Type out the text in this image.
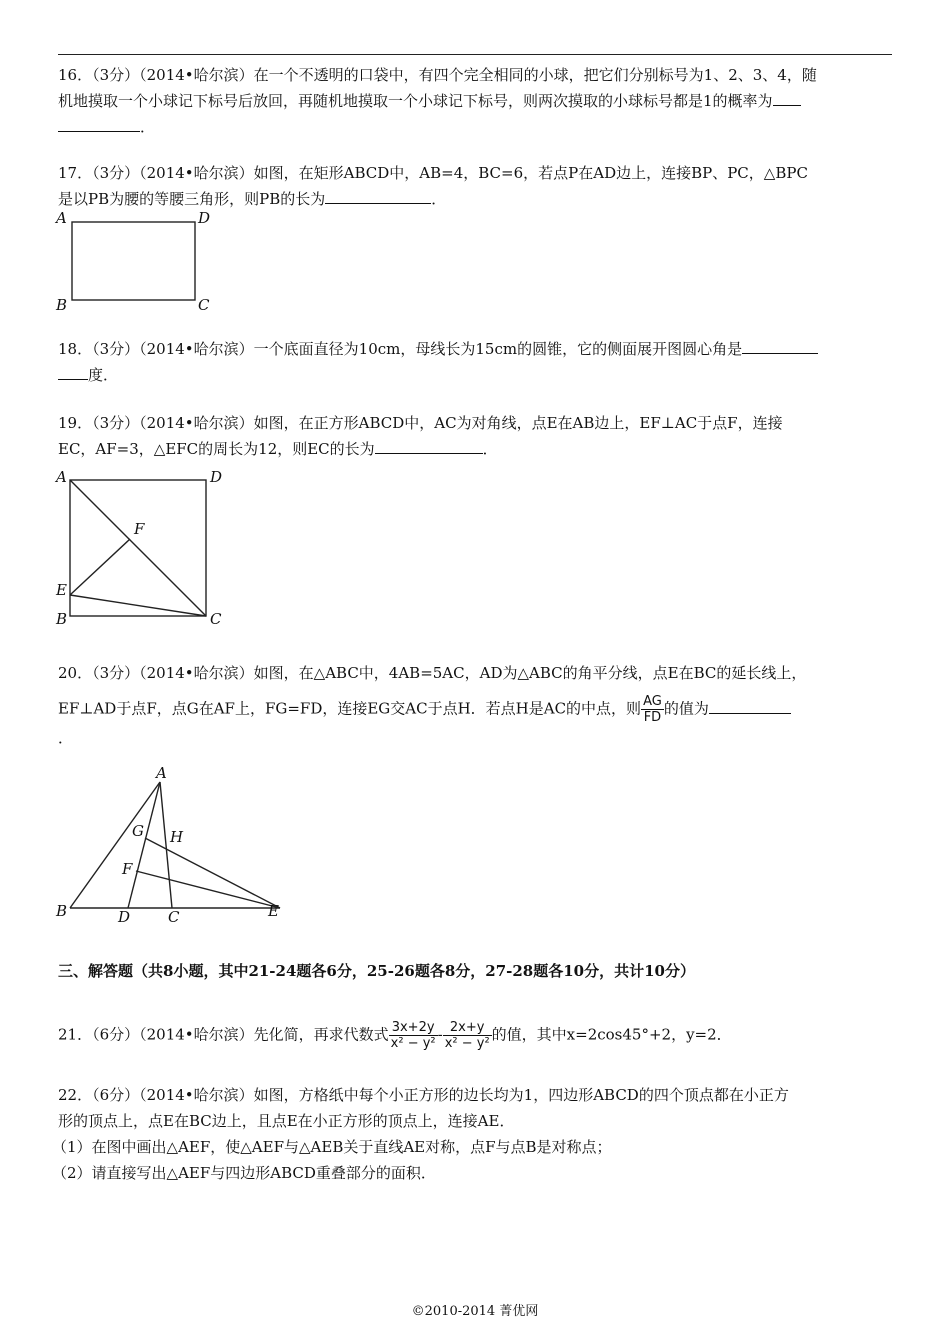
16．（3分）（2014•哈尔滨）在一个不透明的口袋中，有四个完全相同的小球，把它们分别标号为1、2、3、4，随
机地摸取一个小球记下标号后放回，再随机地摸取一个小球记下标号，则两次摸取的小球标号都是1的概率为
．
17．（3分）（2014•哈尔滨）如图，在矩形ABCD中，AB=4，BC=6，若点P在AD边上，连接BP、PC，△BPC
是以PB为腰的等腰三角形，则PB的长为	．
A	D
B	C
18．（3分）（2014•哈尔滨）一个底面直径为10cm，母线长为15cm的圆锥，它的侧面展开图圆心角是
度．
19．（3分）（2014•哈尔滨）如图，在正方形ABCD中，AC为对角线，点E在AB边上，EF⊥AC于点F，连接
EC，AF=3，△EFC的周长为12，则EC的长为	．
A	D
F
E
B	C
20．（3分）（2014•哈尔滨）如图，在△ABC中，4AB=5AC，AD为△ABC的角平分线，点E在BC的延长线上，
EF⊥AD于点F，点G在AF上，FG=FD，连接EG交AC于点H．若点H是AC的中点，则 $\frac{AG}{FD}$ 的值为
．
A
G H
F
B	D	C	E
三、解答题（共8小题，其中21-24题各6分，25-26题各8分，27-28题各10分，共计10分）
21．（6分）（2014•哈尔滨）先化简，再求代数式 $\frac{3x+2y}{\text{x² − y²}} - \frac{2x+y}{\text{x² − y²}}$ 的值，其中x=2cos45°+2，y=2．
22．（6分）（2014•哈尔滨）如图，方格纸中每个小正方形的边长均为1，四边形ABCD的四个顶点都在小正方
形的顶点上，点E在BC边上，且点E在小正方形的顶点上，连接AE．
（1）在图中画出△AEF，使△AEF与△AEB关于直线AE对称，点F与点B是对称点；
（2）请直接写出△AEF与四边形ABCD重叠部分的面积．
©2010-2014 菁优网
